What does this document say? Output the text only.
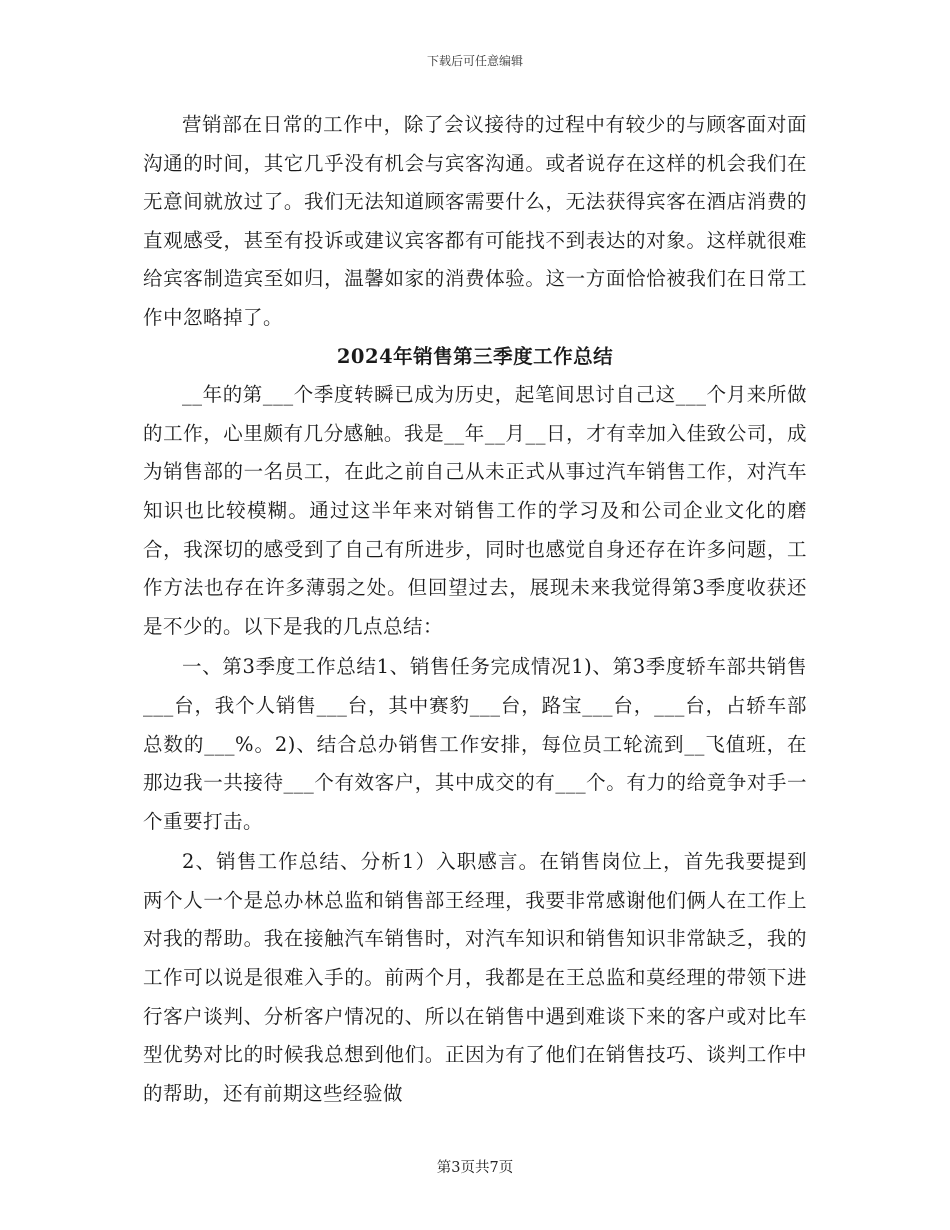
下载后可任意编辑

营销部在日常的工作中，除了会议接待的过程中有较少的与顾客面对面沟通的时间，其它几乎没有机会与宾客沟通。或者说存在这样的机会我们在无意间就放过了。我们无法知道顾客需要什么，无法获得宾客在酒店消费的直观感受，甚至有投诉或建议宾客都有可能找不到表达的对象。这样就很难给宾客制造宾至如归，温馨如家的消费体验。这一方面恰恰被我们在日常工作中忽略掉了。

2024年销售第三季度工作总结

__年的第___个季度转瞬已成为历史，起笔间思讨自己这___个月来所做的工作，心里颇有几分感触。我是__年__月__日，才有幸加入佳致公司，成为销售部的一名员工，在此之前自己从未正式从事过汽车销售工作，对汽车知识也比较模糊。通过这半年来对销售工作的学习及和公司企业文化的磨合，我深切的感受到了自己有所进步，同时也感觉自身还存在许多问题，工作方法也存在许多薄弱之处。但回望过去，展现未来我觉得第3季度收获还是不少的。以下是我的几点总结：

一、第3季度工作总结1、销售任务完成情况1)、第3季度轿车部共销售___台，我个人销售___台，其中赛豹___台，路宝___台，___台，占轿车部总数的___%。2)、结合总办销售工作安排，每位员工轮流到__飞值班，在那边我一共接待___个有效客户，其中成交的有___个。有力的给竟争对手一个重要打击。

2、销售工作总结、分析1）入职感言。在销售岗位上，首先我要提到两个人一个是总办林总监和销售部王经理，我要非常感谢他们俩人在工作上对我的帮助。我在接触汽车销售时，对汽车知识和销售知识非常缺乏，我的工作可以说是很难入手的。前两个月，我都是在王总监和莫经理的带领下进行客户谈判、分析客户情况的、所以在销售中遇到难谈下来的客户或对比车型优势对比的时候我总想到他们。正因为有了他们在销售技巧、谈判工作中的帮助，还有前期这些经验做

第3页共7页
